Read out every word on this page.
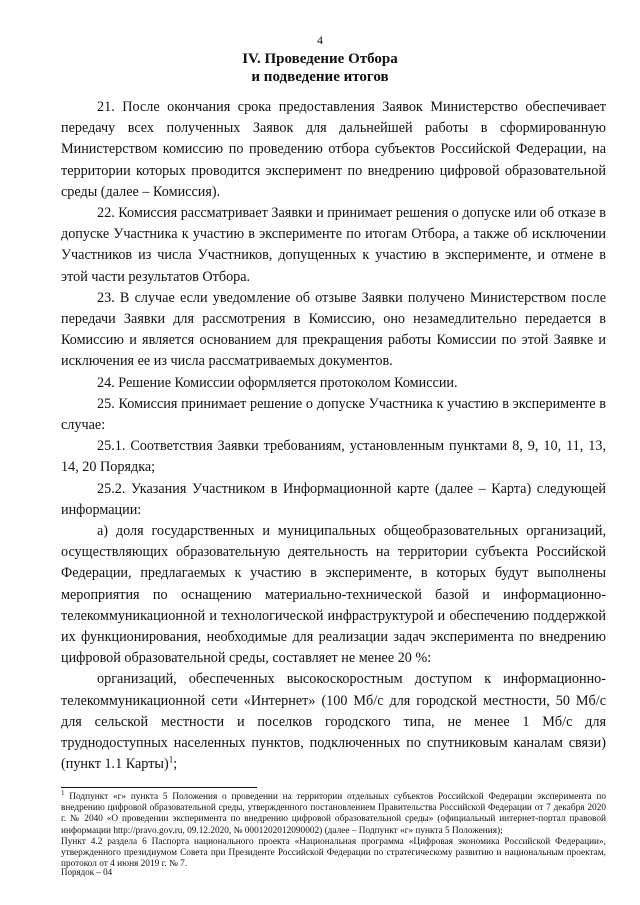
4
IV. Проведение Отбора
и подведение итогов

21. После окончания срока предоставления Заявок Министерство обеспечивает передачу всех полученных Заявок для дальнейшей работы в сформированную Министерством комиссию по проведению отбора субъектов Российской Федерации, на территории которых проводится эксперимент по внедрению цифровой образовательной среды (далее – Комиссия).

22. Комиссия рассматривает Заявки и принимает решения о допуске или об отказе в допуске Участника к участию в эксперименте по итогам Отбора, а также об исключении Участников из числа Участников, допущенных к участию в эксперименте, и отмене в этой части результатов Отбора.

23. В случае если уведомление об отзыве Заявки получено Министерством после передачи Заявки для рассмотрения в Комиссию, оно незамедлительно передается в Комиссию и является основанием для прекращения работы Комиссии по этой Заявке и исключения ее из числа рассматриваемых документов.

24. Решение Комиссии оформляется протоколом Комиссии.

25. Комиссия принимает решение о допуске Участника к участию в эксперименте в случае:

25.1. Соответствия Заявки требованиям, установленным пунктами 8, 9, 10, 11, 13, 14, 20 Порядка;

25.2. Указания Участником в Информационной карте (далее – Карта) следующей информации:

а) доля государственных и муниципальных общеобразовательных организаций, осуществляющих образовательную деятельность на территории субъекта Российской Федерации, предлагаемых к участию в эксперименте, в которых будут выполнены мероприятия по оснащению материально-технической базой и информационно-телекоммуникационной и технологической инфраструктурой и обеспечению поддержкой их функционирования, необходимые для реализации задач эксперимента по внедрению цифровой образовательной среды, составляет не менее 20 %:

организаций, обеспеченных высокоскоростным доступом к информационно-телекоммуникационной сети «Интернет» (100 Мб/с для городской местности, 50 Мб/с для сельской местности и поселков городского типа, не менее 1 Мб/с для труднодоступных населенных пунктов, подключенных по спутниковым каналам связи) (пункт 1.1 Карты)$^1$;

$^1$ Подпункт «г» пункта 5 Положения о проведении на территории отдельных субъектов Российской Федерации эксперимента по внедрению цифровой образовательной среды, утвержденного постановлением Правительства Российской Федерации от 7 декабря 2020 г. № 2040 «О проведении эксперимента по внедрению цифровой образовательной среды» (официальный интернет-портал правовой информации http://pravo.gov.ru, 09.12.2020, № 0001202012090002) (далее – Подпункт «г» пункта 5 Положения);

Пункт 4.2 раздела 6 Паспорта национального проекта «Национальная программа «Цифровая экономика Российской Федерации», утвержденного президиумом Совета при Президенте Российской Федерации по стратегическому развитию и национальным проектам, протокол от 4 июня 2019 г. № 7.

Порядок – 04
